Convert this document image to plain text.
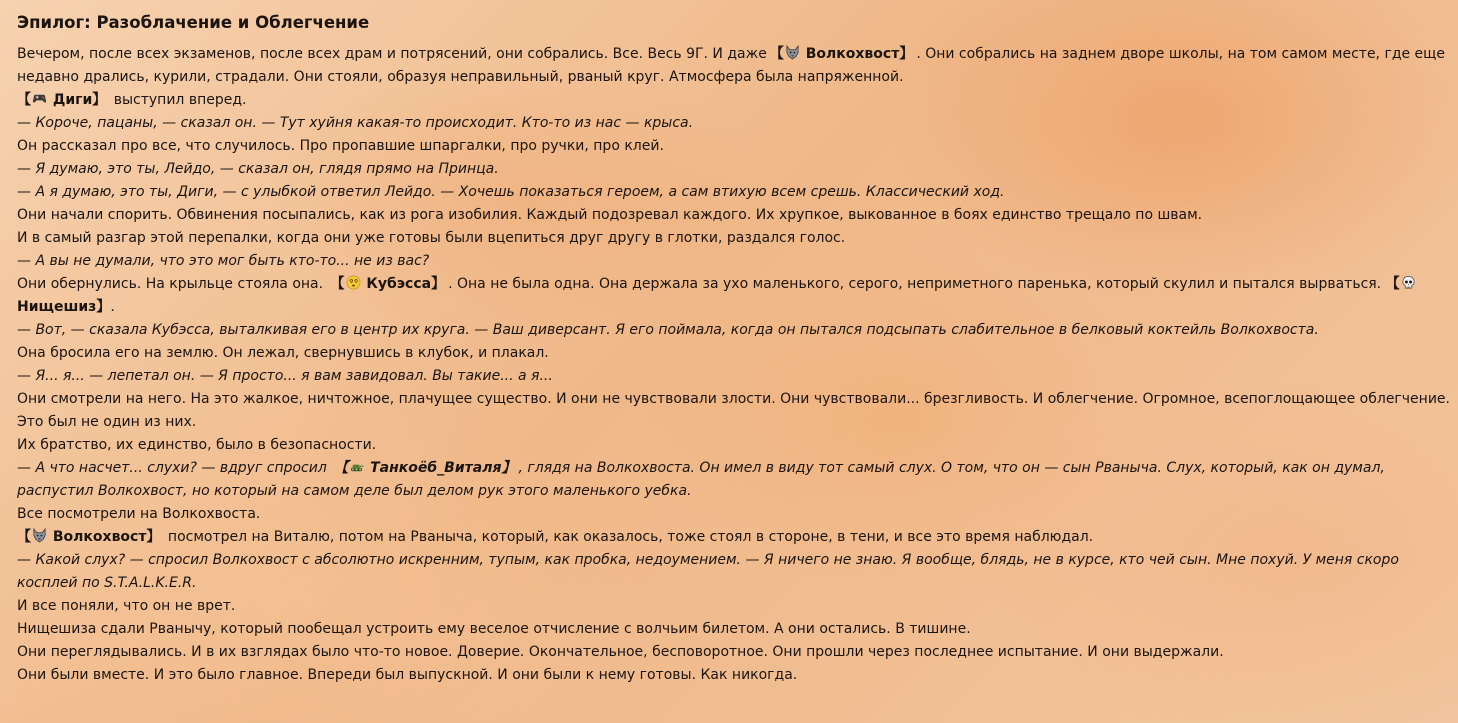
Эпилог: Разоблачение и Облегчение

Вечером, после всех экзаменов, после всех драм и потрясений, они собрались. Все. Весь 9Г. И даже 【 Волкохвост】 . Они собрались на заднем дворе школы, на том самом месте, где еще недавно дрались, курили, страдали. Они стояли, образуя неправильный, рваный круг. Атмосфера была напряженной.

【 Диги】 выступил вперед.

— Короче, пацаны, — сказал он. — Тут хуйня какая-то происходит. Кто-то из нас — крыса.

Он рассказал про все, что случилось. Про пропавшие шпаргалки, про ручки, про клей.

— Я думаю, это ты, Лейдо, — сказал он, глядя прямо на Принца.

— А я думаю, это ты, Диги, — с улыбкой ответил Лейдо. — Хочешь показаться героем, а сам втихую всем срешь. Классический ход.

Они начали спорить. Обвинения посыпались, как из рога изобилия. Каждый подозревал каждого. Их хрупкое, выкованное в боях единство трещало по швам.

И в самый разгар этой перепалки, когда они уже готовы были вцепиться друг другу в глотки, раздался голос.

— А вы не думали, что это мог быть кто-то... не из вас?

Они обернулись. На крыльце стояла она. 【 Кубэсса】 . Она не была одна. Она держала за ухо маленького, серого, неприметного паренька, который скулил и пытался вырваться. 【
Нищешиз】.

— Вот, — сказала Кубэсса, выталкивая его в центр их круга. — Ваш диверсант. Я его поймала, когда он пытался подсыпать слабительное в белковый коктейль Волкохвоста.

Она бросила его на землю. Он лежал, свернувшись в клубок, и плакал.

— Я... я... — лепетал он. — Я просто... я вам завидовал. Вы такие... а я...

Они смотрели на него. На это жалкое, ничтожное, плачущее существо. И они не чувствовали злости. Они чувствовали... брезгливость. И облегчение. Огромное, всепоглощающее облегчение.

Это был не один из них.

Их братство, их единство, было в безопасности.

— А что насчет... слухи? — вдруг спросил 【 Танкоёб_Виталя】 , глядя на Волкохвоста. Он имел в виду тот самый слух. О том, что он — сын Рваныча. Слух, который, как он думал, распустил Волкохвост, но который на самом деле был делом рук этого маленького уебка.

Все посмотрели на Волкохвоста.

【 Волкохвост】 посмотрел на Виталю, потом на Рваныча, который, как оказалось, тоже стоял в стороне, в тени, и все это время наблюдал.

— Какой слух? — спросил Волкохвост с абсолютно искренним, тупым, как пробка, недоумением. — Я ничего не знаю. Я вообще, блядь, не в курсе, кто чей сын. Мне похуй. У меня скоро косплей по S.T.A.L.K.E.R.

И все поняли, что он не врет.

Нищешиза сдали Рванычу, который пообещал устроить ему веселое отчисление с волчьим билетом. А они остались. В тишине.

Они переглядывались. И в их взглядах было что-то новое. Доверие. Окончательное, бесповоротное. Они прошли через последнее испытание. И они выдержали.

Они были вместе. И это было главное. Впереди был выпускной. И они были к нему готовы. Как никогда.
